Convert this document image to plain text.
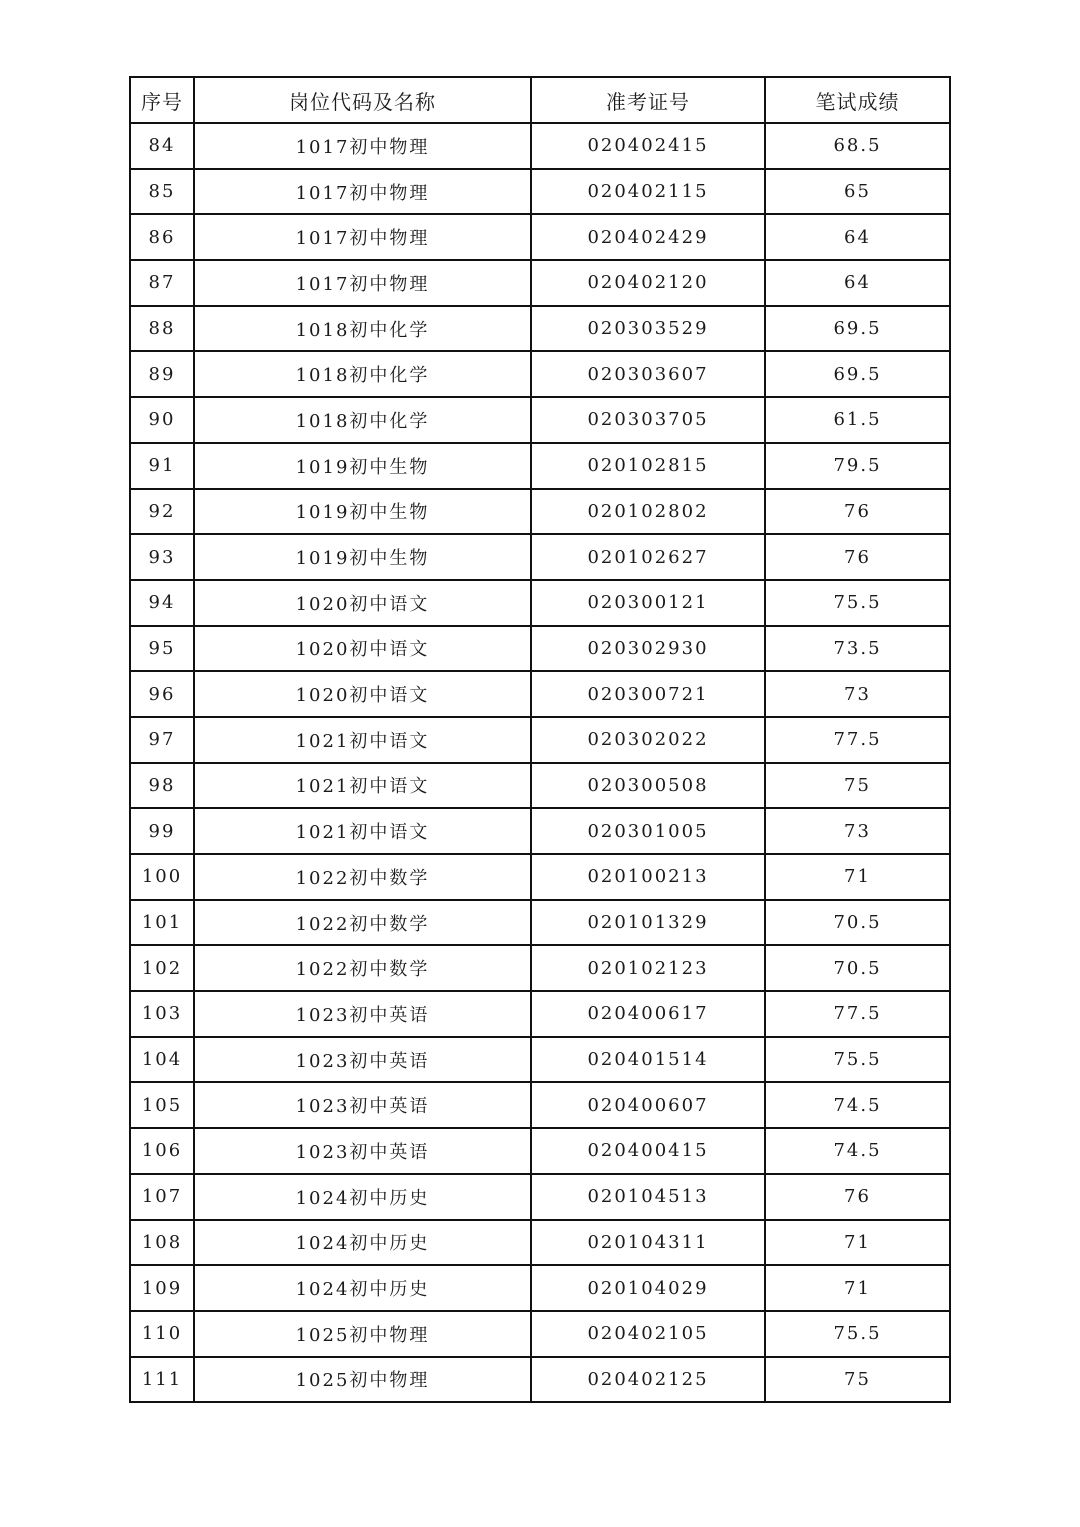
序号	岗位代码及名称	准考证号	笔试成绩
84	1017初中物理	020402415	68.5
85	1017初中物理	020402115	65
86	1017初中物理	020402429	64
87	1017初中物理	020402120	64
88	1018初中化学	020303529	69.5
89	1018初中化学	020303607	69.5
90	1018初中化学	020303705	61.5
91	1019初中生物	020102815	79.5
92	1019初中生物	020102802	76
93	1019初中生物	020102627	76
94	1020初中语文	020300121	75.5
95	1020初中语文	020302930	73.5
96	1020初中语文	020300721	73
97	1021初中语文	020302022	77.5
98	1021初中语文	020300508	75
99	1021初中语文	020301005	73
100	1022初中数学	020100213	71
101	1022初中数学	020101329	70.5
102	1022初中数学	020102123	70.5
103	1023初中英语	020400617	77.5
104	1023初中英语	020401514	75.5
105	1023初中英语	020400607	74.5
106	1023初中英语	020400415	74.5
107	1024初中历史	020104513	76
108	1024初中历史	020104311	71
109	1024初中历史	020104029	71
110	1025初中物理	020402105	75.5
111	1025初中物理	020402125	75
